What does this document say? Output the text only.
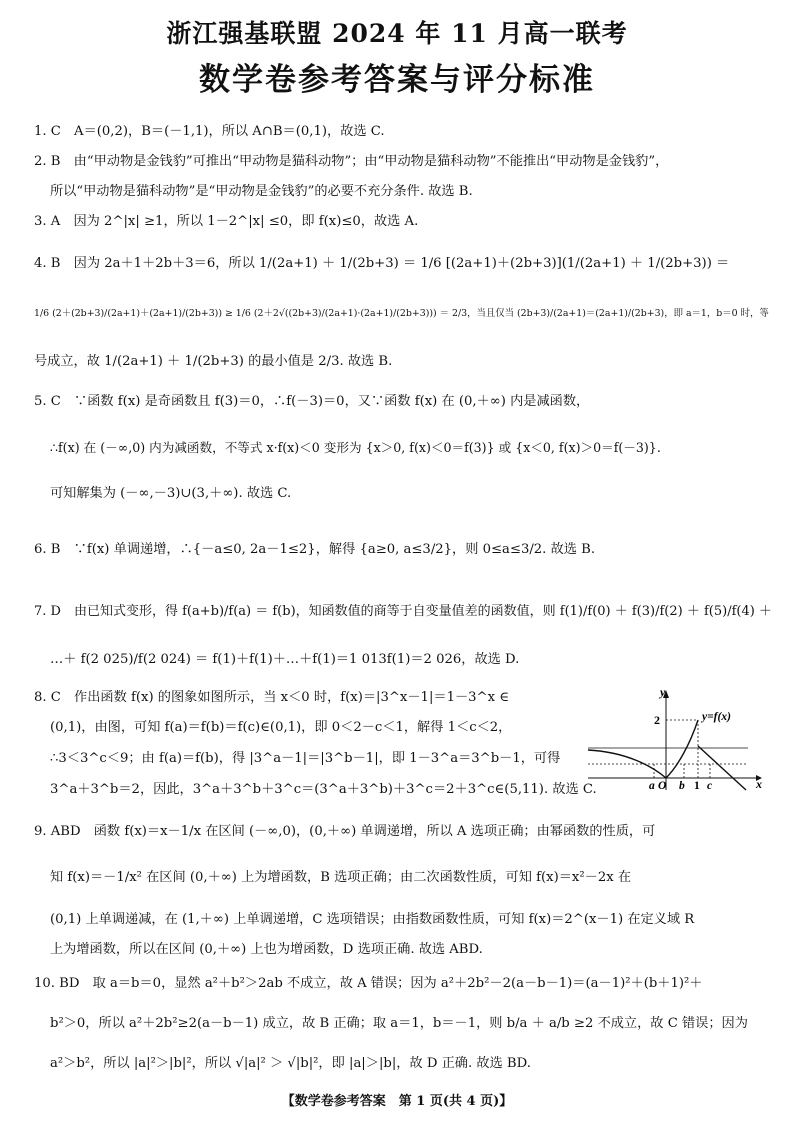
浙江强基联盟 2024 年 11 月高一联考
数学卷参考答案与评分标准
1. C　A＝(0,2)，B＝(－1,1)，所以 A∩B＝(0,1)，故选 C.
2. B　由“甲动物是金钱豹”可推出“甲动物是猫科动物”；由“甲动物是猫科动物”不能推出“甲动物是金钱豹”，
所以“甲动物是猫科动物”是“甲动物是金钱豹”的必要不充分条件. 故选 B.
3. A　因为 2^|x| ≥1，所以 1－2^|x| ≤0，即 f(x)≤0，故选 A.
4. B　因为 2a＋1＋2b＋3＝6，所以 1/(2a+1) ＋ 1/(2b+3) ＝ 1/6 [(2a+1)＋(2b+3)](1/(2a+1) ＋ 1/(2b+3)) ＝
1/6 (2＋(2b+3)/(2a+1)＋(2a+1)/(2b+3)) ≥ 1/6 (2＋2√((2b+3)/(2a+1)·(2a+1)/(2b+3))) ＝ 2/3，当且仅当 (2b+3)/(2a+1)＝(2a+1)/(2b+3)，即 a＝1，b＝0 时，等
号成立，故 1/(2a+1) ＋ 1/(2b+3) 的最小值是 2/3. 故选 B.
5. C　∵函数 f(x) 是奇函数且 f(3)＝0，∴f(－3)＝0，又∵函数 f(x) 在 (0,＋∞) 内是减函数，
∴f(x) 在 (－∞,0) 内为减函数，不等式 x·f(x)＜0 变形为 {x＞0, f(x)＜0＝f(3)} 或 {x＜0, f(x)＞0＝f(－3)}.
可知解集为 (－∞,－3)∪(3,＋∞). 故选 C.
6. B　∵f(x) 单调递增，∴{－a≤0, 2a－1≤2}，解得 {a≥0, a≤3/2}，则 0≤a≤3/2. 故选 B.
7. D　由已知式变形，得 f(a+b)/f(a) ＝ f(b)，知函数值的商等于自变量值差的函数值，则 f(1)/f(0) ＋ f(3)/f(2) ＋ f(5)/f(4) ＋
…＋ f(2 025)/f(2 024) ＝ f(1)＋f(1)＋…＋f(1)＝1 013f(1)＝2 026，故选 D.
8. C　作出函数 f(x) 的图象如图所示，当 x＜0 时，f(x)＝|3^x－1|＝1－3^x ∈
(0,1)，由图，可知 f(a)＝f(b)＝f(c)∈(0,1)，即 0＜2－c＜1，解得 1＜c＜2，
∴3＜3^c＜9；由 f(a)＝f(b)，得 |3^a－1|＝|3^b－1|，即 1－3^a＝3^b－1，可得
3^a＋3^b＝2，因此，3^a＋3^b＋3^c＝(3^a＋3^b)＋3^c＝2＋3^c∈(5,11). 故选 C.
y
x
2	y=f(x)
a O b 1 c
9. ABD　函数 f(x)＝x－1/x 在区间 (－∞,0)，(0,＋∞) 单调递增，所以 A 选项正确；由幂函数的性质，可
知 f(x)＝－1/x² 在区间 (0,＋∞) 上为增函数，B 选项正确；由二次函数性质，可知 f(x)＝x²－2x 在
(0,1) 上单调递减，在 (1,＋∞) 上单调递增，C 选项错误；由指数函数性质，可知 f(x)＝2^(x－1) 在定义域 R
上为增函数，所以在区间 (0,＋∞) 上也为增函数，D 选项正确. 故选 ABD.
10. BD　取 a＝b＝0，显然 a²＋b²＞2ab 不成立，故 A 错误；因为 a²＋2b²－2(a－b－1)＝(a－1)²＋(b＋1)²＋
b²＞0，所以 a²＋2b²≥2(a－b－1) 成立，故 B 正确；取 a＝1，b＝－1，则 b/a ＋ a/b ≥2 不成立，故 C 错误；因为
a²＞b²，所以 |a|²＞|b|²，所以 √|a|² ＞ √|b|²，即 |a|＞|b|，故 D 正确. 故选 BD.
【数学卷参考答案　第 1 页(共 4 页)】
